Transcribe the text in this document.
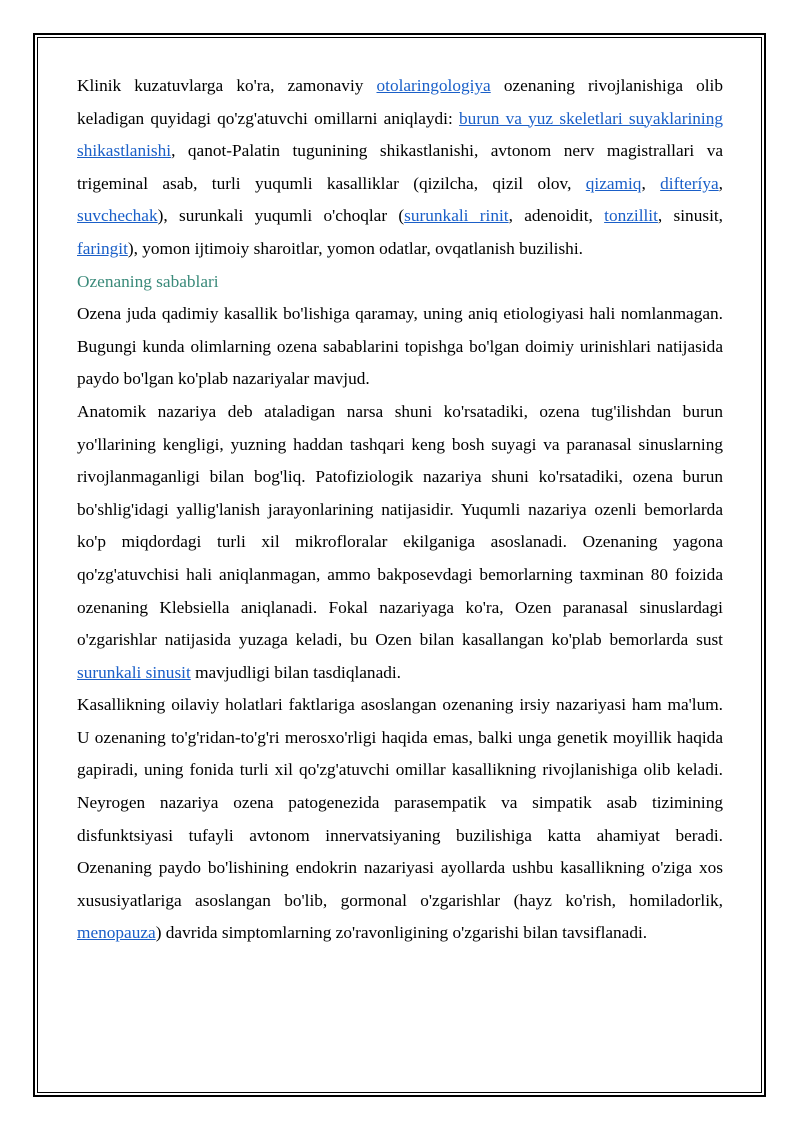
Klinik kuzatuvlarga ko'ra, zamonaviy otolaringologiya ozenaning rivojlanishiga olib keladigan quyidagi qo'zg'atuvchi omillarni aniqlaydi: burun va yuz skeletlari suyaklarining shikastlanishi, qanot-Palatin tugunining shikastlanishi, avtonom nerv magistrallari va trigeminal asab, turli yuqumli kasalliklar (qizilcha, qizil olov, qizamiq, difteríya, suvchechak), surunkali yuqumli o'choqlar (surunkali rinit, adenoidit, tonzillit, sinusit, faringit), yomon ijtimoiy sharoitlar, yomon odatlar, ovqatlanish buzilishi.

Ozenaning sabablari

Ozena juda qadimiy kasallik bo'lishiga qaramay, uning aniq etiologiyasi hali nomlanmagan. Bugungi kunda olimlarning ozena sabablarini topishga bo'lgan doimiy urinishlari natijasida paydo bo'lgan ko'plab nazariyalar mavjud.

Anatomik nazariya deb ataladigan narsa shuni ko'rsatadiki, ozena tug'ilishdan burun yo'llarining kengligi, yuzning haddan tashqari keng bosh suyagi va paranasal sinuslarning rivojlanmaganligi bilan bog'liq. Patofiziologik nazariya shuni ko'rsatadiki, ozena burun bo'shlig'idagi yallig'lanish jarayonlarining natijasidir. Yuqumli nazariya ozenli bemorlarda ko'p miqdordagi turli xil mikrofloralar ekilganiga asoslanadi. Ozenaning yagona qo'zg'atuvchisi hali aniqlanmagan, ammo bakposevdagi bemorlarning taxminan 80 foizida ozenaning Klebsiella aniqlanadi. Fokal nazariyaga ko'ra, Ozen paranasal sinuslardagi o'zgarishlar natijasida yuzaga keladi, bu Ozen bilan kasallangan ko'plab bemorlarda sust surunkali sinusit mavjudligi bilan tasdiqlanadi.

Kasallikning oilaviy holatlari faktlariga asoslangan ozenaning irsiy nazariyasi ham ma'lum. U ozenaning to'g'ridan-to'g'ri merosxo'rligi haqida emas, balki unga genetik moyillik haqida gapiradi, uning fonida turli xil qo'zg'atuvchi omillar kasallikning rivojlanishiga olib keladi. Neyrogen nazariya ozena patogenezida parasempatik va simpatik asab tizimining disfunktsiyasi tufayli avtonom innervatsiyaning buzilishiga katta ahamiyat beradi. Ozenaning paydo bo'lishining endokrin nazariyasi ayollarda ushbu kasallikning o'ziga xos xususiyatlariga asoslangan bo'lib, gormonal o'zgarishlar (hayz ko'rish, homiladorlik, menopauza) davrida simptomlarning zo'ravonligining o'zgarishi bilan tavsiflanadi.
